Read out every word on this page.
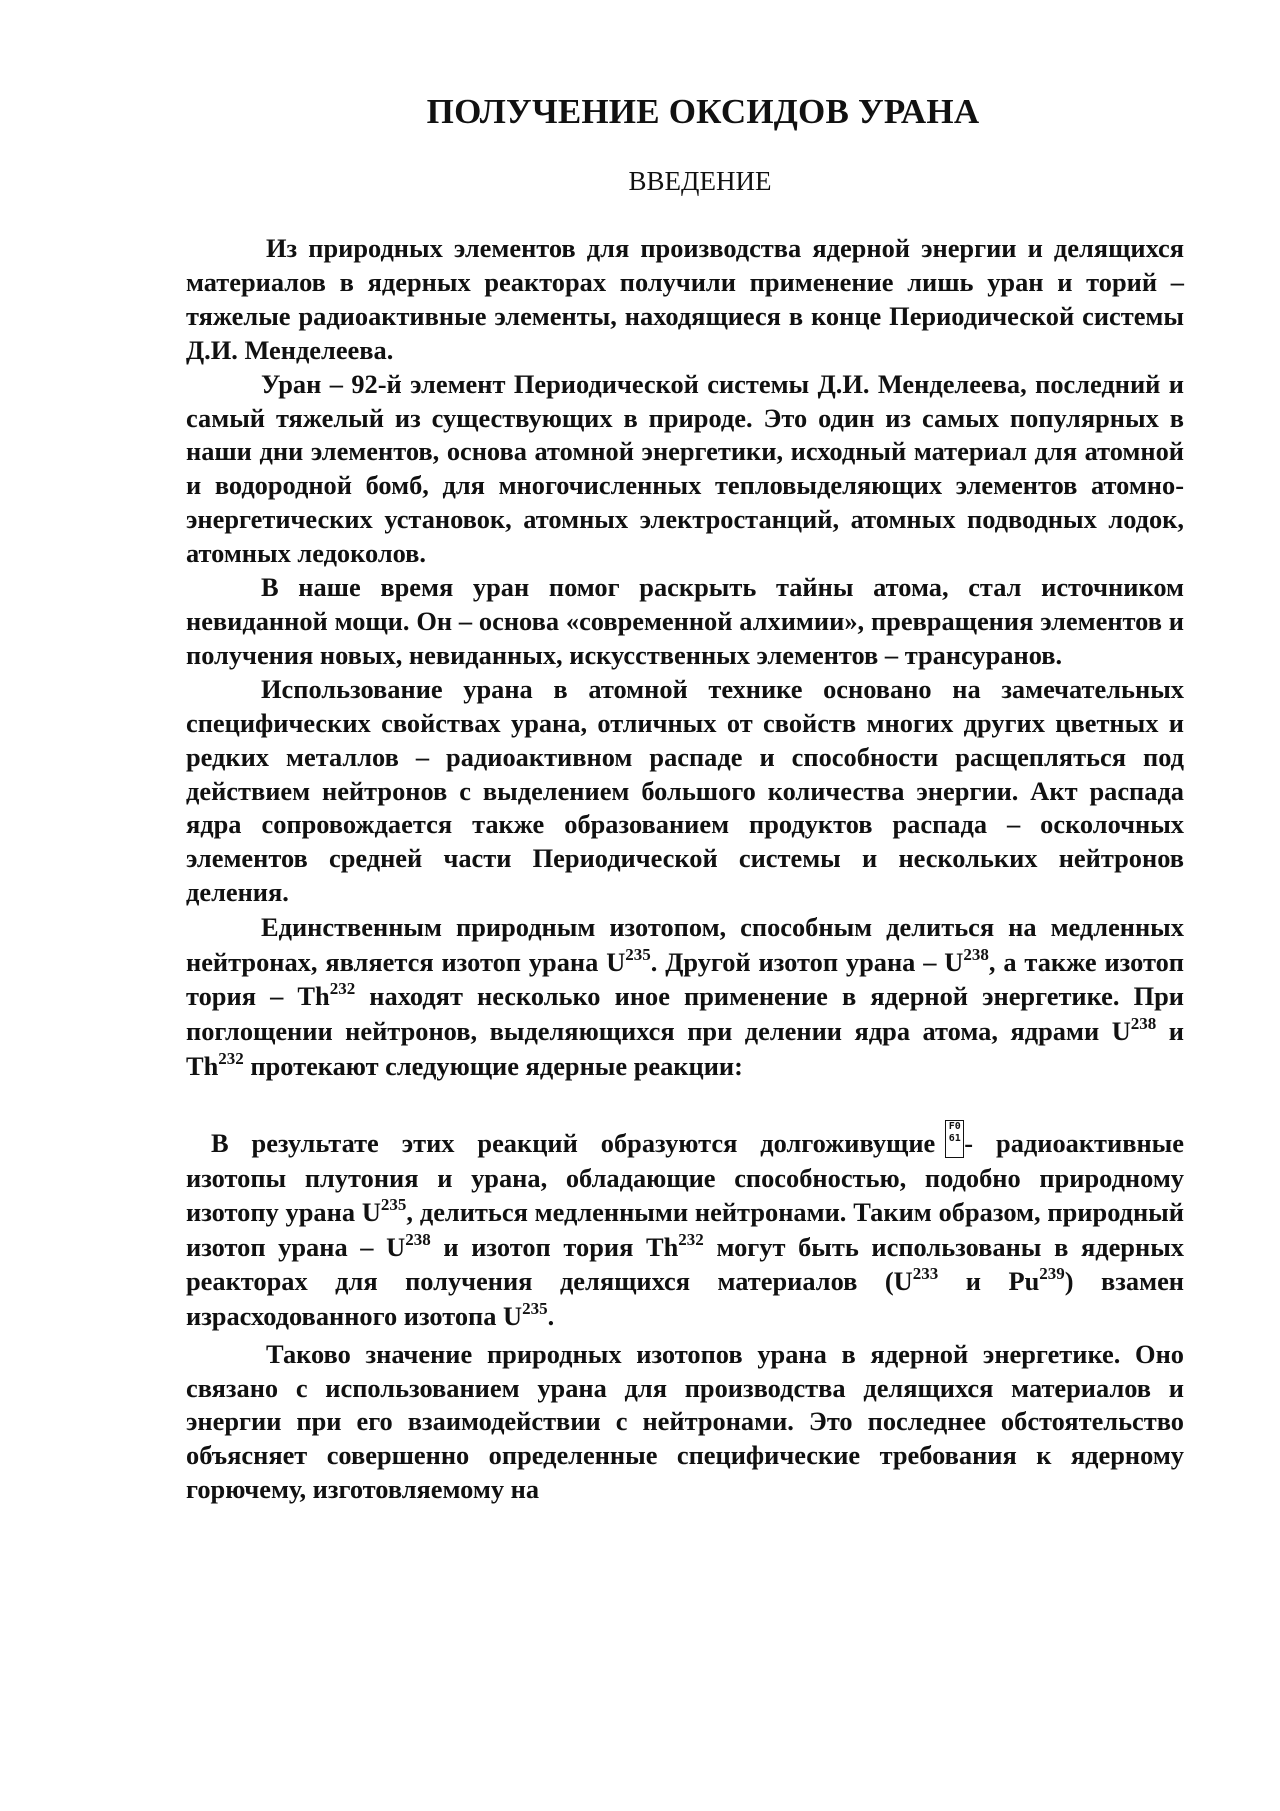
ПОЛУЧЕНИЕ ОКСИДОВ УРАНА
ВВЕДЕНИЕ

Из природных элементов для производства ядерной энергии и делящихся материалов в ядерных реакторах получили применение лишь уран и торий – тяжелые радиоактивные элементы, находящиеся в конце Периодической системы Д.И. Менделеева.

Уран – 92-й элемент Периодической системы Д.И. Менделеева, последний и самый тяжелый из существующих в природе. Это один из самых популярных в наши дни элементов, основа атомной энергетики, исходный материал для атомной и водородной бомб, для многочисленных тепловыделяющих элементов атомно-энергетических установок, атомных электростанций, атомных подводных лодок, атомных ледоколов.

В наше время уран помог раскрыть тайны атома, стал источником невиданной мощи. Он – основа «современной алхимии», превращения элементов и получения новых, невиданных, искусственных элементов – трансуранов.

Использование урана в атомной технике основано на замечательных специфических свойствах урана, отличных от свойств многих других цветных и редких металлов – радиоактивном распаде и способности расщепляться под действием нейтронов с выделением большого количества энергии. Акт распада ядра сопровождается также образованием продуктов распада – осколочных элементов средней части Периодической системы и нескольких нейтронов деления.

Единственным природным изотопом, способным делиться на медленных нейтронах, является изотоп урана $U^{235}$. Другой изотоп урана – $U^{238}$, а также изотоп тория – Th$^{232}$ находят несколько иное применение в ядерной энергетике. При поглощении нейтронов, выделяющихся при делении ядра атома, ядрами $U^{238}$ и Th$^{232}$ протекают следующие ядерные реакции:

В результате этих реакций образуются долгоживущие
F0
61 - радиоактивные изотопы плутония и урана, обладающие способностью, подобно природному изотопу урана $U^{235}$, делиться медленными нейтронами. Таким образом, природный изотоп урана – $U^{238}$ и изотоп тория Th$^{232}$ могут быть использованы в ядерных реакторах для получения делящихся материалов ($U^{233}$ и Pu$^{239}$) взамен израсходованного изотопа $U^{235}$.

Таково значение природных изотопов урана в ядерной энергетике. Оно связано с использованием урана для производства делящихся материалов и энергии при его взаимодействии с нейтронами. Это последнее обстоятельство объясняет совершенно определенные специфические требования к ядерному горючему, изготовляемому на
